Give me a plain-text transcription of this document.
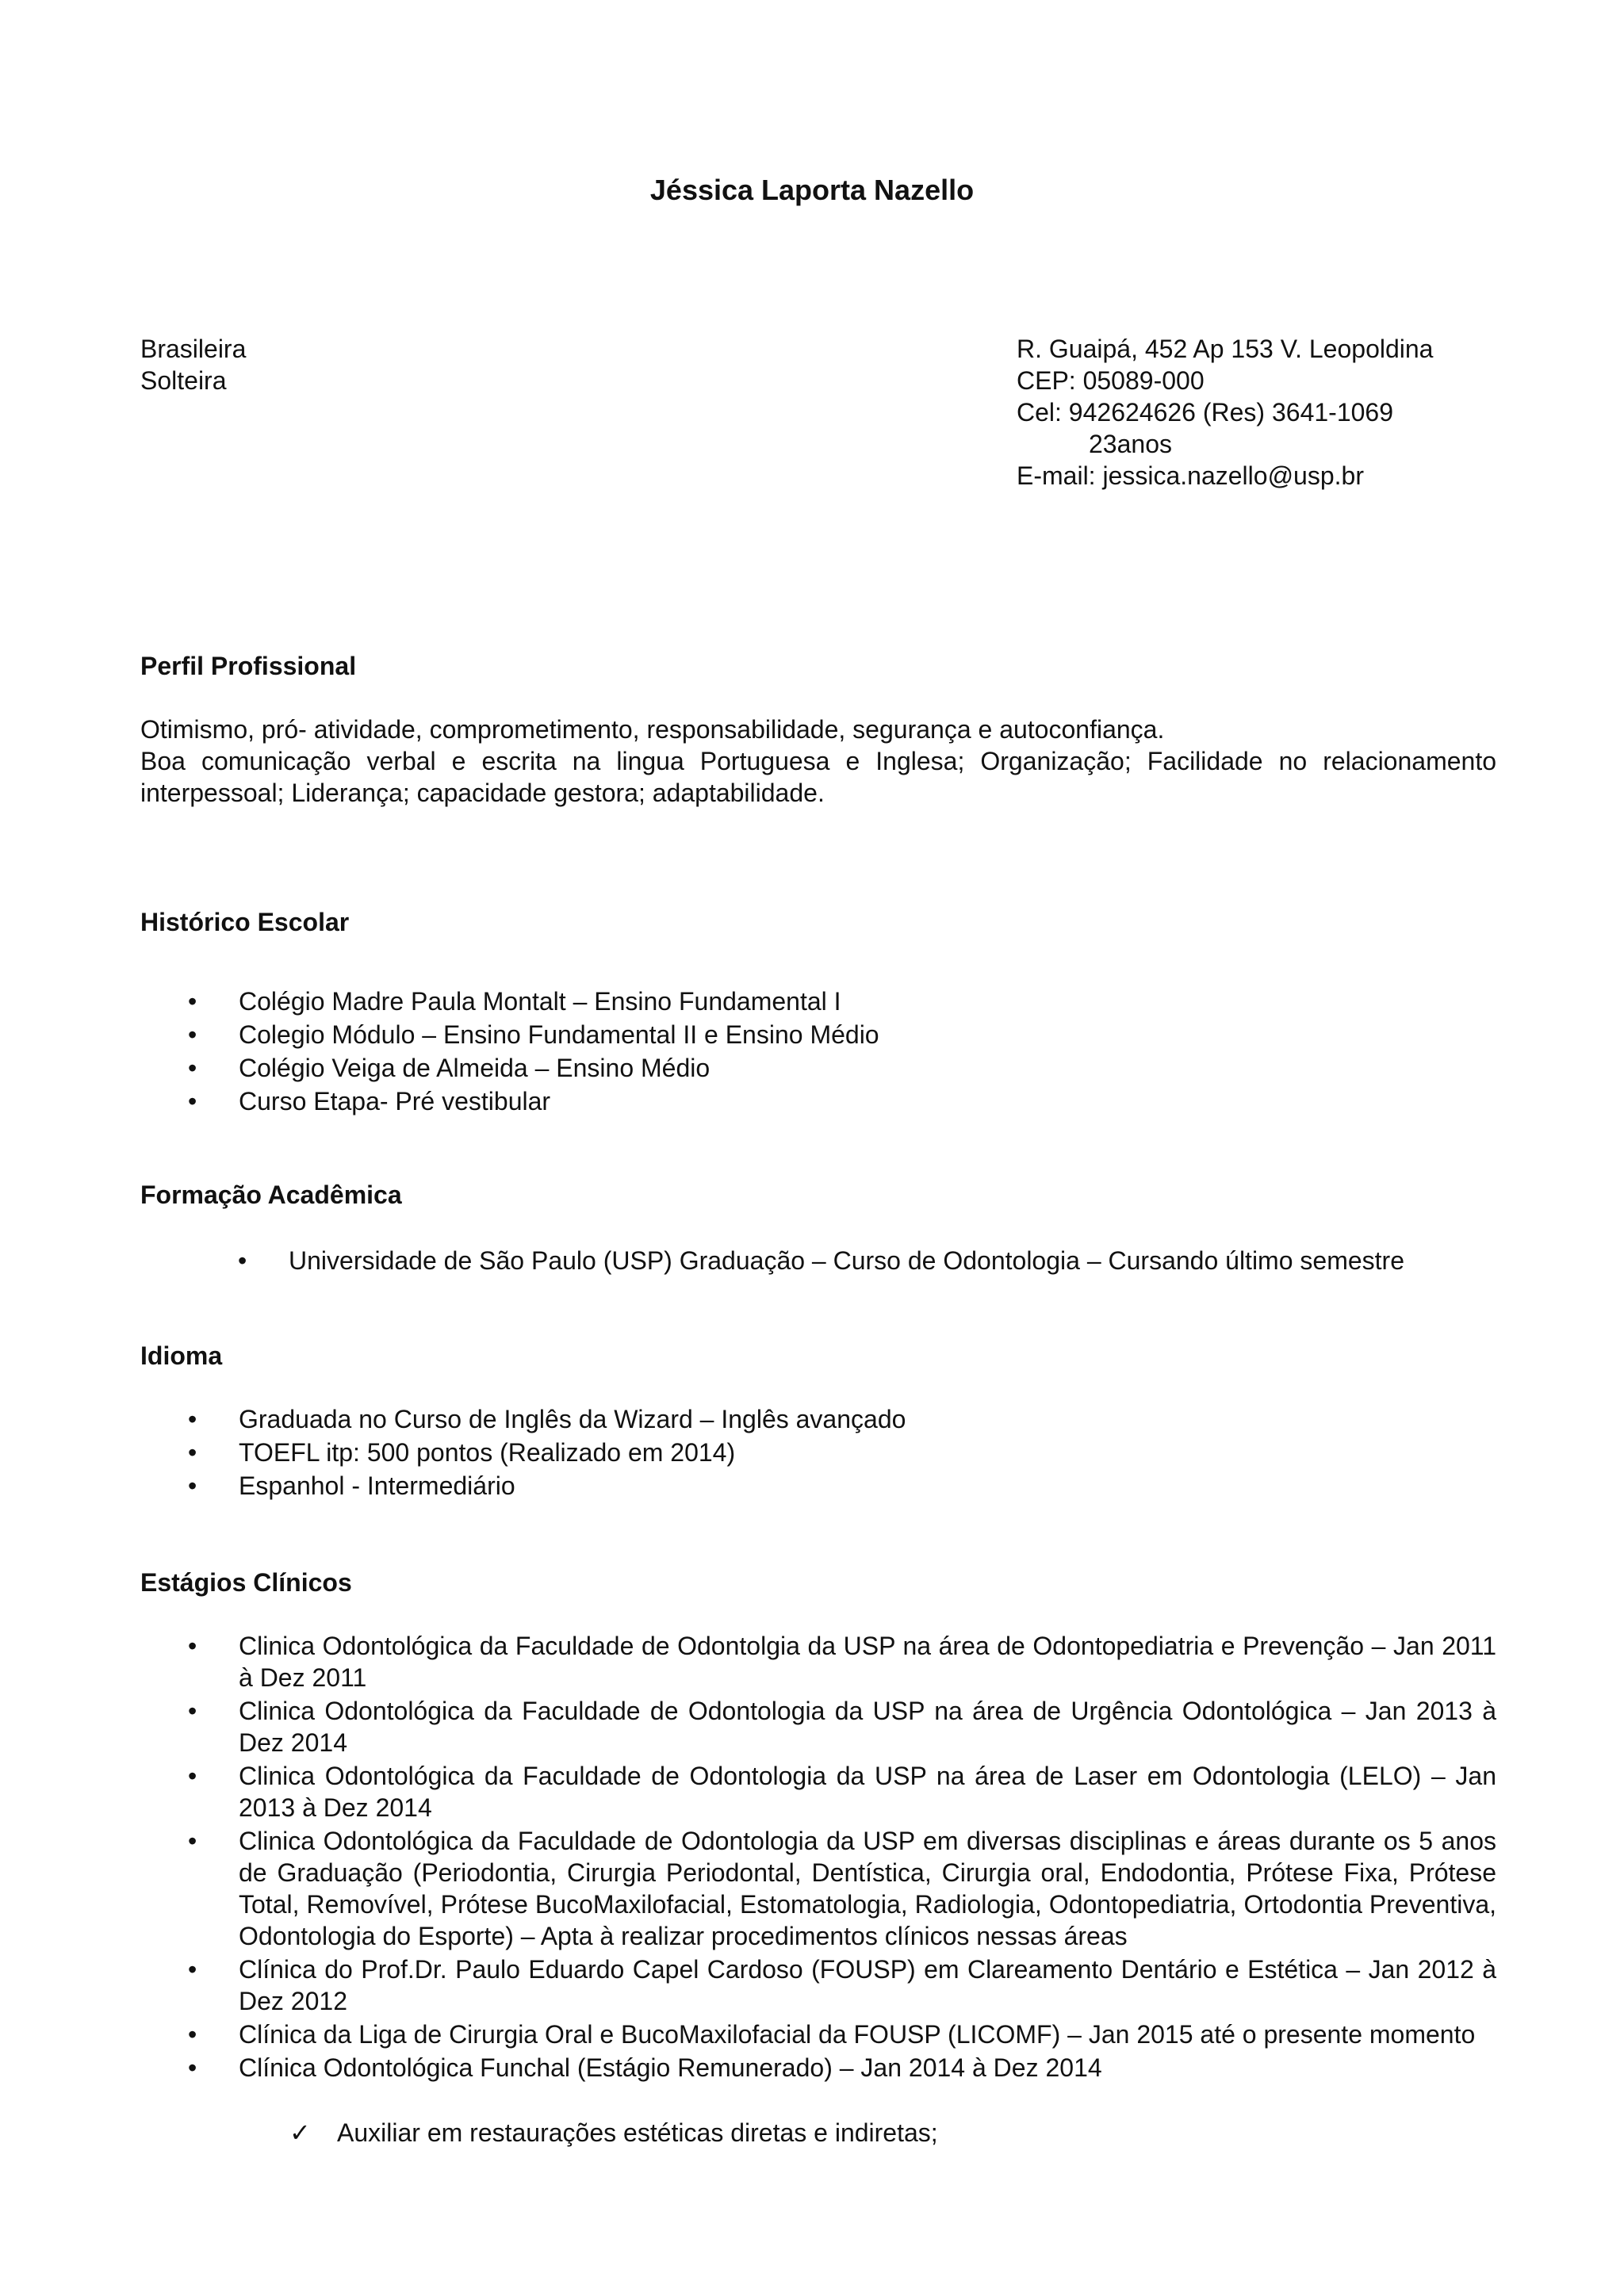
Jéssica Laporta Nazello
Brasileira
Solteira
R. Guaipá, 452 Ap 153 V. Leopoldina
CEP: 05089-000
Cel: 942624626 (Res) 3641-1069
23anos
E-mail: jessica.nazello@usp.br
Perfil Profissional
Otimismo, pró- atividade, comprometimento, responsabilidade, segurança e autoconfiança.
Boa comunicação verbal e escrita na lingua Portuguesa e Inglesa; Organização; Facilidade no relacionamento interpessoal; Liderança; capacidade gestora; adaptabilidade.
Histórico Escolar
• Colégio Madre Paula Montalt – Ensino Fundamental I
• Colegio Módulo – Ensino Fundamental II e Ensino Médio
• Colégio Veiga de Almeida – Ensino Médio
• Curso Etapa- Pré vestibular
Formação Acadêmica
• Universidade de São Paulo (USP) Graduação – Curso de Odontologia – Cursando último semestre
Idioma
• Graduada no Curso de Inglês da Wizard – Inglês avançado
• TOEFL itp: 500 pontos (Realizado em 2014)
• Espanhol - Intermediário
Estágios Clínicos
• Clinica Odontológica da Faculdade de Odontolgia da USP na área de Odontopediatria e Prevenção – Jan 2011 à Dez 2011
• Clinica Odontológica da Faculdade de Odontologia da USP na área de Urgência Odontológica – Jan 2013 à Dez 2014
• Clinica Odontológica da Faculdade de Odontologia da USP na área de Laser em Odontologia (LELO) – Jan 2013 à Dez 2014
• Clinica Odontológica da Faculdade de Odontologia da USP em diversas disciplinas e áreas durante os 5 anos de Graduação (Periodontia, Cirurgia Periodontal, Dentística, Cirurgia oral, Endodontia, Prótese Fixa, Prótese Total, Removível, Prótese BucoMaxilofacial, Estomatologia, Radiologia, Odontopediatria, Ortodontia Preventiva, Odontologia do Esporte) – Apta à realizar procedimentos clínicos nessas áreas
• Clínica do Prof.Dr. Paulo Eduardo Capel Cardoso (FOUSP) em Clareamento Dentário e Estética – Jan 2012 à Dez 2012
• Clínica da Liga de Cirurgia Oral e BucoMaxilofacial da FOUSP (LICOMF) – Jan 2015 até o presente momento
• Clínica Odontológica Funchal (Estágio Remunerado) – Jan 2014 à Dez 2014
✓ Auxiliar em restaurações estéticas diretas e indiretas;
